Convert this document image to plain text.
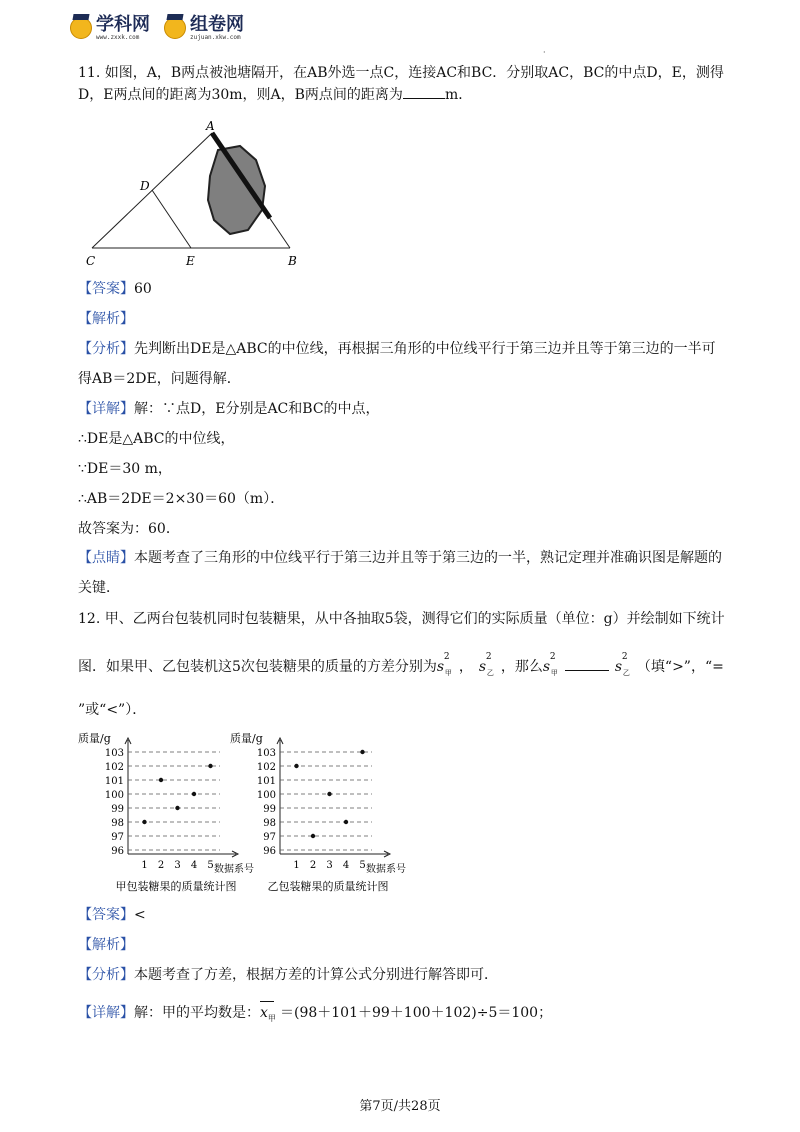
学科网
www.zxxk.com
组卷网
zujuan.xkw.com
·
11. 如图，A，B两点被池塘隔开，在AB外选一点C，连接AC和BC．分别取AC，BC的中点D，E，测得D，E两点间的距离为30m，则A，B两点间的距离为	m．
A
D
C	E	B
【答案】60
【解析】
【分析】先判断出DE是△ABC的中位线，再根据三角形的中位线平行于第三边并且等于第三边的一半可
得AB＝2DE，问题得解．
【详解】解：∵点D，E分别是AC和BC的中点，
∴DE是△ABC的中位线，
∵DE＝30 m，
∴AB＝2DE＝2×30＝60（m）．
故答案为：60．
【点睛】本题考查了三角形的中位线平行于第三边并且等于第三边的一半，熟记定理并准确识图是解题的
关键．
12. 甲、乙两台包装机同时包装糖果，从中各抽取5袋，测得它们的实际质量（单位：g）并绘制如下统计
图．如果甲、乙包装机这5次包装糖果的质量的方差分别为s
2
甲 ， s
2
乙 ，那么s
2
甲	s
2
乙 （填“>”，“=
”或“<”）．
质量/g
96
97
98
99
100
101
102
103
1 2 3 4 5 数据系号
甲包装糖果的质量统计图
质量/g
96
97
98
99
100
101
102
103
1 2 3 4 5 数据系号
乙包装糖果的质量统计图
【答案】<
【解析】
【分析】本题考查了方差，根据方差的计算公式分别进行解答即可．
【详解】解：甲的平均数是：
$x_甲 =(98+101+99+100+102)\div 5=100$；
第7页/共28页
